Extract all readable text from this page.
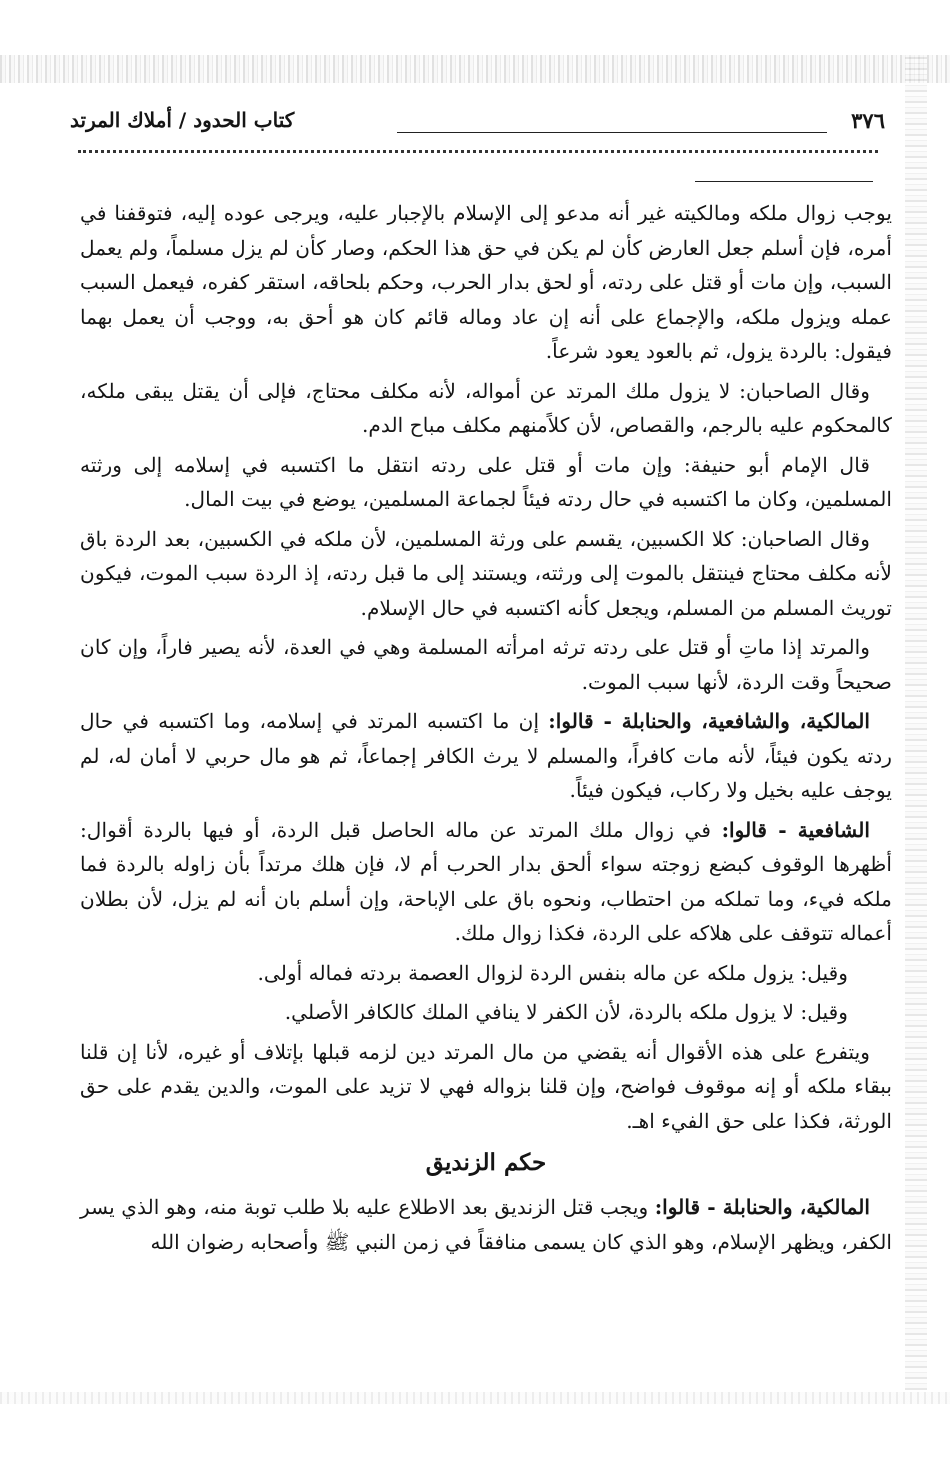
٣٧٦
كتاب الحدود / أملاك المرتد

يوجب زوال ملكه ومالكيته غير أنه مدعو إلى الإسلام بالإجبار عليه، ويرجى عوده إليه، فتوقفنا في أمره، فإن أسلم جعل العارض كأن لم يكن في حق هذا الحكم، وصار كأن لم يزل مسلماً، ولم يعمل السبب، وإن مات أو قتل على ردته، أو لحق بدار الحرب، وحكم بلحاقه، استقر كفره، فيعمل السبب عمله ويزول ملكه، والإجماع على أنه إن عاد وماله قائم كان هو أحق به، ووجب أن يعمل بهما فيقول: بالردة يزول، ثم بالعود يعود شرعاً.

وقال الصاحبان: لا يزول ملك المرتد عن أمواله، لأنه مكلف محتاج، فإلى أن يقتل يبقى ملكه، كالمحكوم عليه بالرجم، والقصاص، لأن كلاًمنهم مكلف مباح الدم.

قال الإمام أبو حنيفة: وإن مات أو قتل على ردته انتقل ما اكتسبه في إسلامه إلى ورثته المسلمين، وكان ما اكتسبه في حال ردته فيئاً لجماعة المسلمين، يوضع في بيت المال.

وقال الصاحبان: كلا الكسبين، يقسم على ورثة المسلمين، لأن ملكه في الكسبين، بعد الردة باق لأنه مكلف محتاج فينتقل بالموت إلى ورثته، ويستند إلى ما قبل ردته، إذ الردة سبب الموت، فيكون توريث المسلم من المسلم، ويجعل كأنه اكتسبه في حال الإسلام.

والمرتد إذا ماتِ أو قتل على ردته ترثه امرأته المسلمة وهي في العدة، لأنه يصير فاراً، وإن كان صحيحاً وقت الردة، لأنها سبب الموت.

المالكية، والشافعية، والحنابلة - قالوا: إن ما اكتسبه المرتد في إسلامه، وما اكتسبه في حال ردته يكون فيئاً، لأنه مات كافراً، والمسلم لا يرث الكافر إجماعاً، ثم هو مال حربي لا أمان له، لم يوجف عليه بخيل ولا ركاب، فيكون فيئاً.

الشافعية - قالوا: في زوال ملك المرتد عن ماله الحاصل قبل الردة، أو فيها بالردة أقوال: أظهرها الوقوف كبضع زوجته سواء ألحق بدار الحرب أم لا، فإن هلك مرتداً بأن زاوله بالردة فما ملكه فيء، وما تملكه من احتطاب، ونحوه باق على الإباحة، وإن أسلم بان أنه لم يزل، لأن بطلان أعماله تتوقف على هلاكه على الردة، فكذا زوال ملك.

وقيل: يزول ملكه عن ماله بنفس الردة لزوال العصمة بردته فماله أولى.

وقيل: لا يزول ملكه بالردة، لأن الكفر لا ينافي الملك كالكافر الأصلي.

ويتفرع على هذه الأقوال أنه يقضي من مال المرتد دين لزمه قبلها بإتلاف أو غيره، لأنا إن قلنا ببقاء ملكه أو إنه موقوف فواضح، وإن قلنا بزواله فهي لا تزيد على الموت، والدين يقدم على حق الورثة، فكذا على حق الفيء اهـ.

حكم الزنديق

المالكية، والحنابلة - قالوا: ويجب قتل الزنديق بعد الاطلاع عليه بلا طلب توبة منه، وهو الذي يسر الكفر، ويظهر الإسلام، وهو الذي كان يسمى منافقاً في زمن النبي ﷺ وأصحابه رضوان الله
